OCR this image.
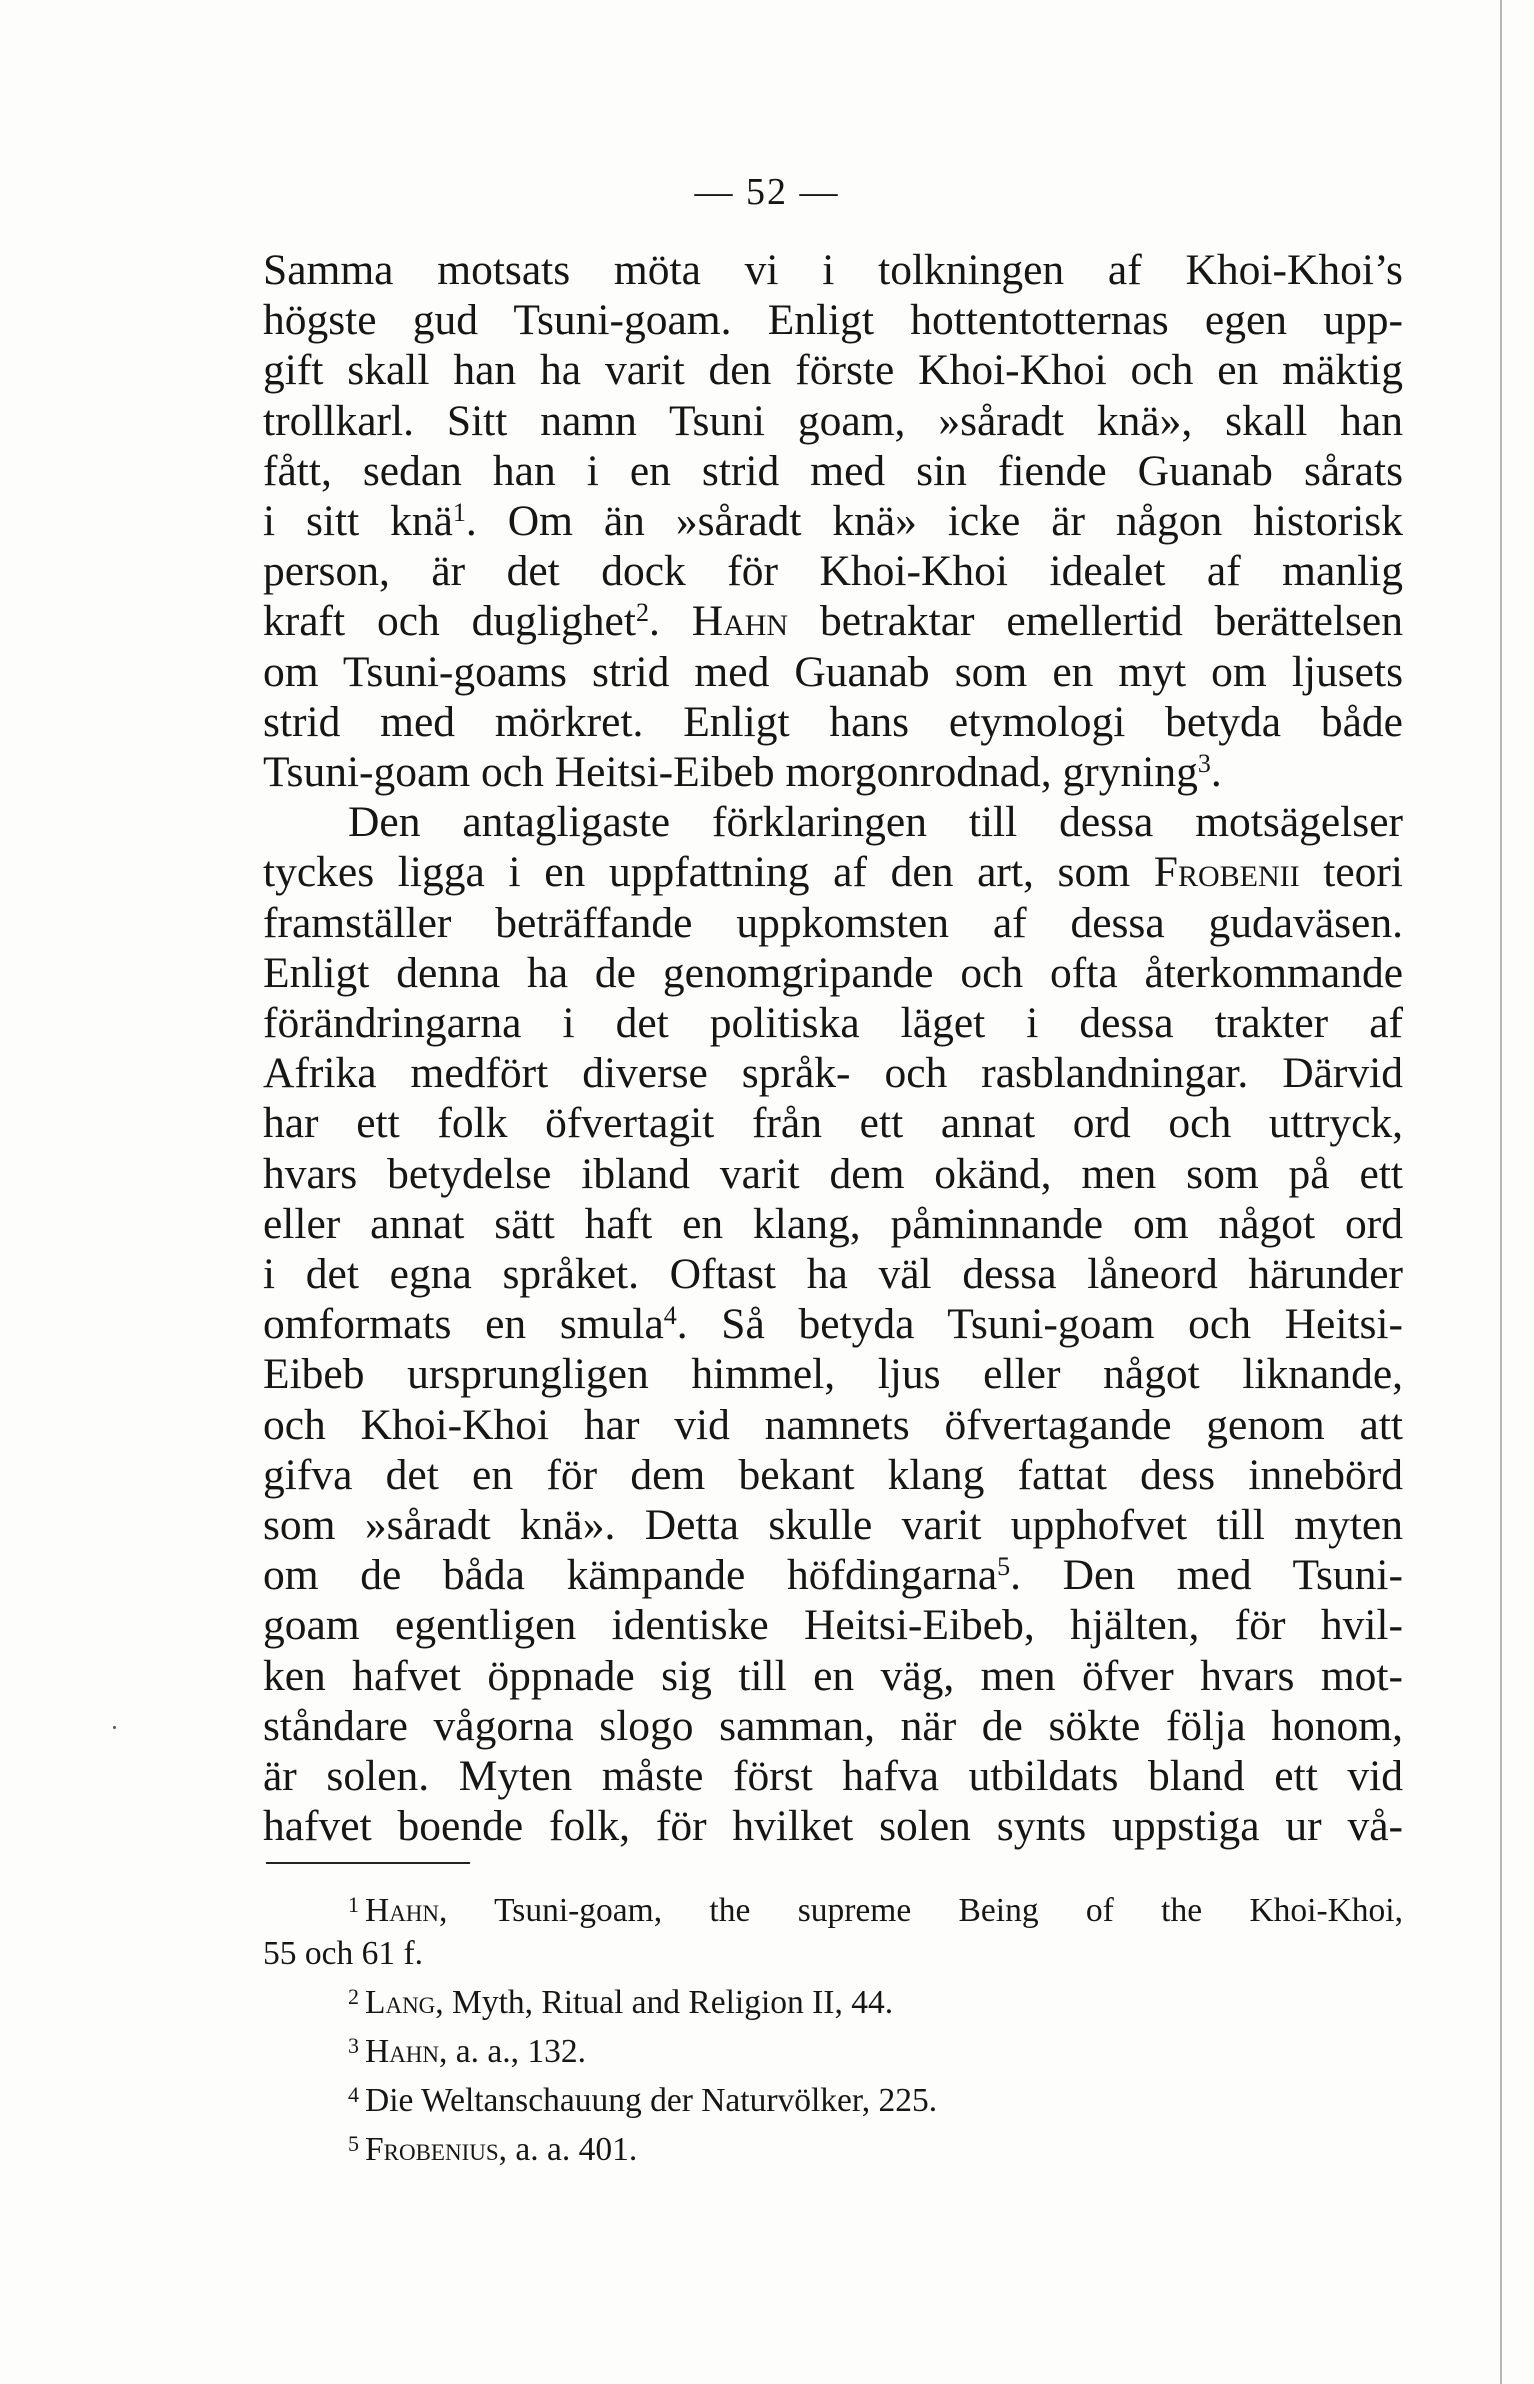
— 52 —
Samma motsats möta vi i tolkningen af Khoi-Khoi’s
högste gud Tsuni-goam. Enligt hottentotternas egen upp-
gift skall han ha varit den förste Khoi-Khoi och en mäktig
trollkarl. Sitt namn Tsuni goam, »såradt knä», skall han
fått, sedan han i en strid med sin fiende Guanab sårats
i sitt knä$^1$. Om än »såradt knä» icke är någon historisk
person, är det dock för Khoi-Khoi idealet af manlig
kraft och duglighet$^2$. Hahn betraktar emellertid berättelsen
om Tsuni-goams strid med Guanab som en myt om ljusets
strid med mörkret. Enligt hans etymologi betyda både
Tsuni-goam och Heitsi-Eibeb morgonrodnad, gryning$^3$.
Den antagligaste förklaringen till dessa motsägelser
tyckes ligga i en uppfattning af den art, som Frobenii teori
framställer beträffande uppkomsten af dessa gudaväsen.
Enligt denna ha de genomgripande och ofta återkommande
förändringarna i det politiska läget i dessa trakter af
Afrika medfört diverse språk- och rasblandningar. Därvid
har ett folk öfvertagit från ett annat ord och uttryck,
hvars betydelse ibland varit dem okänd, men som på ett
eller annat sätt haft en klang, påminnande om något ord
i det egna språket. Oftast ha väl dessa låneord härunder
omformats en smula$^4$. Så betyda Tsuni-goam och Heitsi-
Eibeb ursprungligen himmel, ljus eller något liknande,
och Khoi-Khoi har vid namnets öfvertagande genom att
gifva det en för dem bekant klang fattat dess innebörd
som »såradt knä». Detta skulle varit upphofvet till myten
om de båda kämpande höfdingarna$^5$. Den med Tsuni-
goam egentligen identiske Heitsi-Eibeb, hjälten, för hvil-
ken hafvet öppnade sig till en väg, men öfver hvars mot-
ståndare vågorna slogo samman, när de sökte följa honom,
är solen. Myten måste först hafva utbildats bland ett vid
hafvet boende folk, för hvilket solen synts uppstiga ur vå-
$^1$ Hahn, Tsuni-goam, the supreme Being of the Khoi-Khoi,
55 och 61 f.
$^2$ Lang, Myth, Ritual and Religion II, 44.
$^3$ Hahn, a. a., 132.
$^4$ Die Weltanschauung der Naturvölker, 225.
$^5$ Frobenius, a. a. 401.
